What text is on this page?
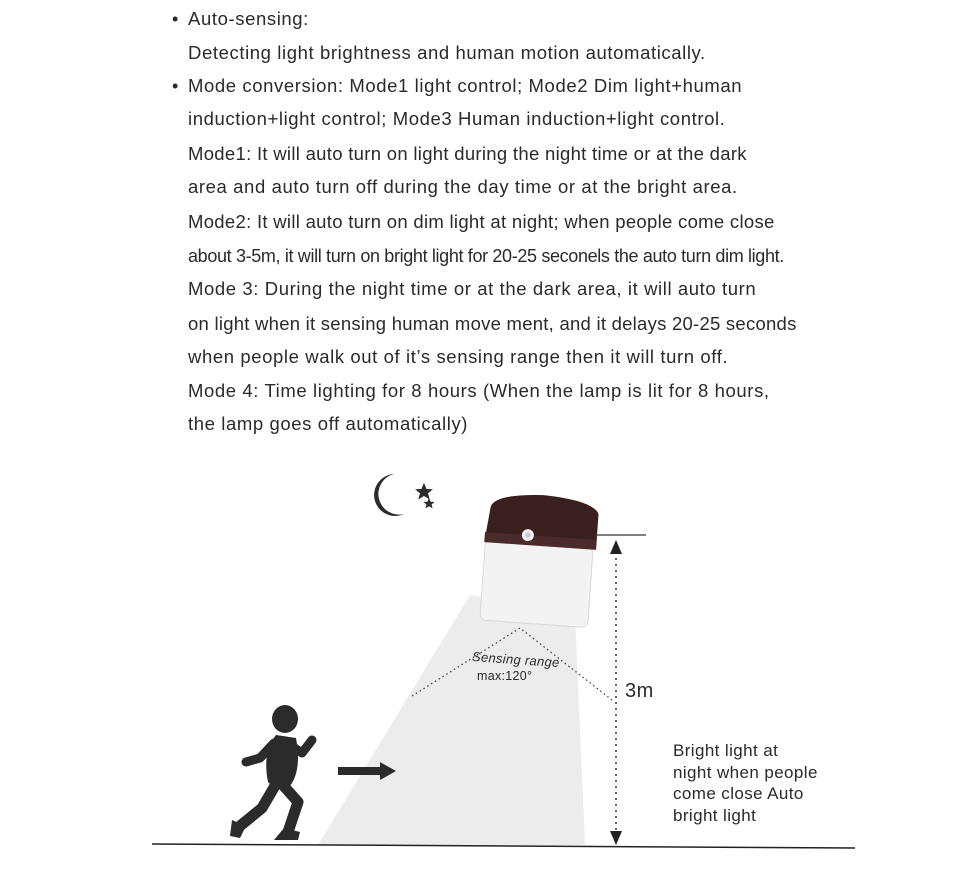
• Auto-sensing:
Detecting light brightness and human motion automatically.
• Mode conversion: Mode1 light control; Mode2 Dim light+human
induction+light control; Mode3 Human induction+light control.
Mode1: It will auto turn on light during the night time or at the dark
area and auto turn off during the day time or at the bright area.
Mode2: It will auto turn on dim light at night; when people come close
about 3-5m, it will turn on bright light for 20-25 seconels the auto turn dim light.
Mode 3: During the night time or at the dark area, it will auto turn
on light when it sensing human move ment, and it delays 20-25 seconds
when people walk out of it’s sensing range then it will turn off.
Mode 4: Time lighting for 8 hours (When the lamp is lit for 8 hours,
the lamp goes off automatically)
Sensing range
max:120°
3m
Bright light at
night when people
come close Auto
bright light
